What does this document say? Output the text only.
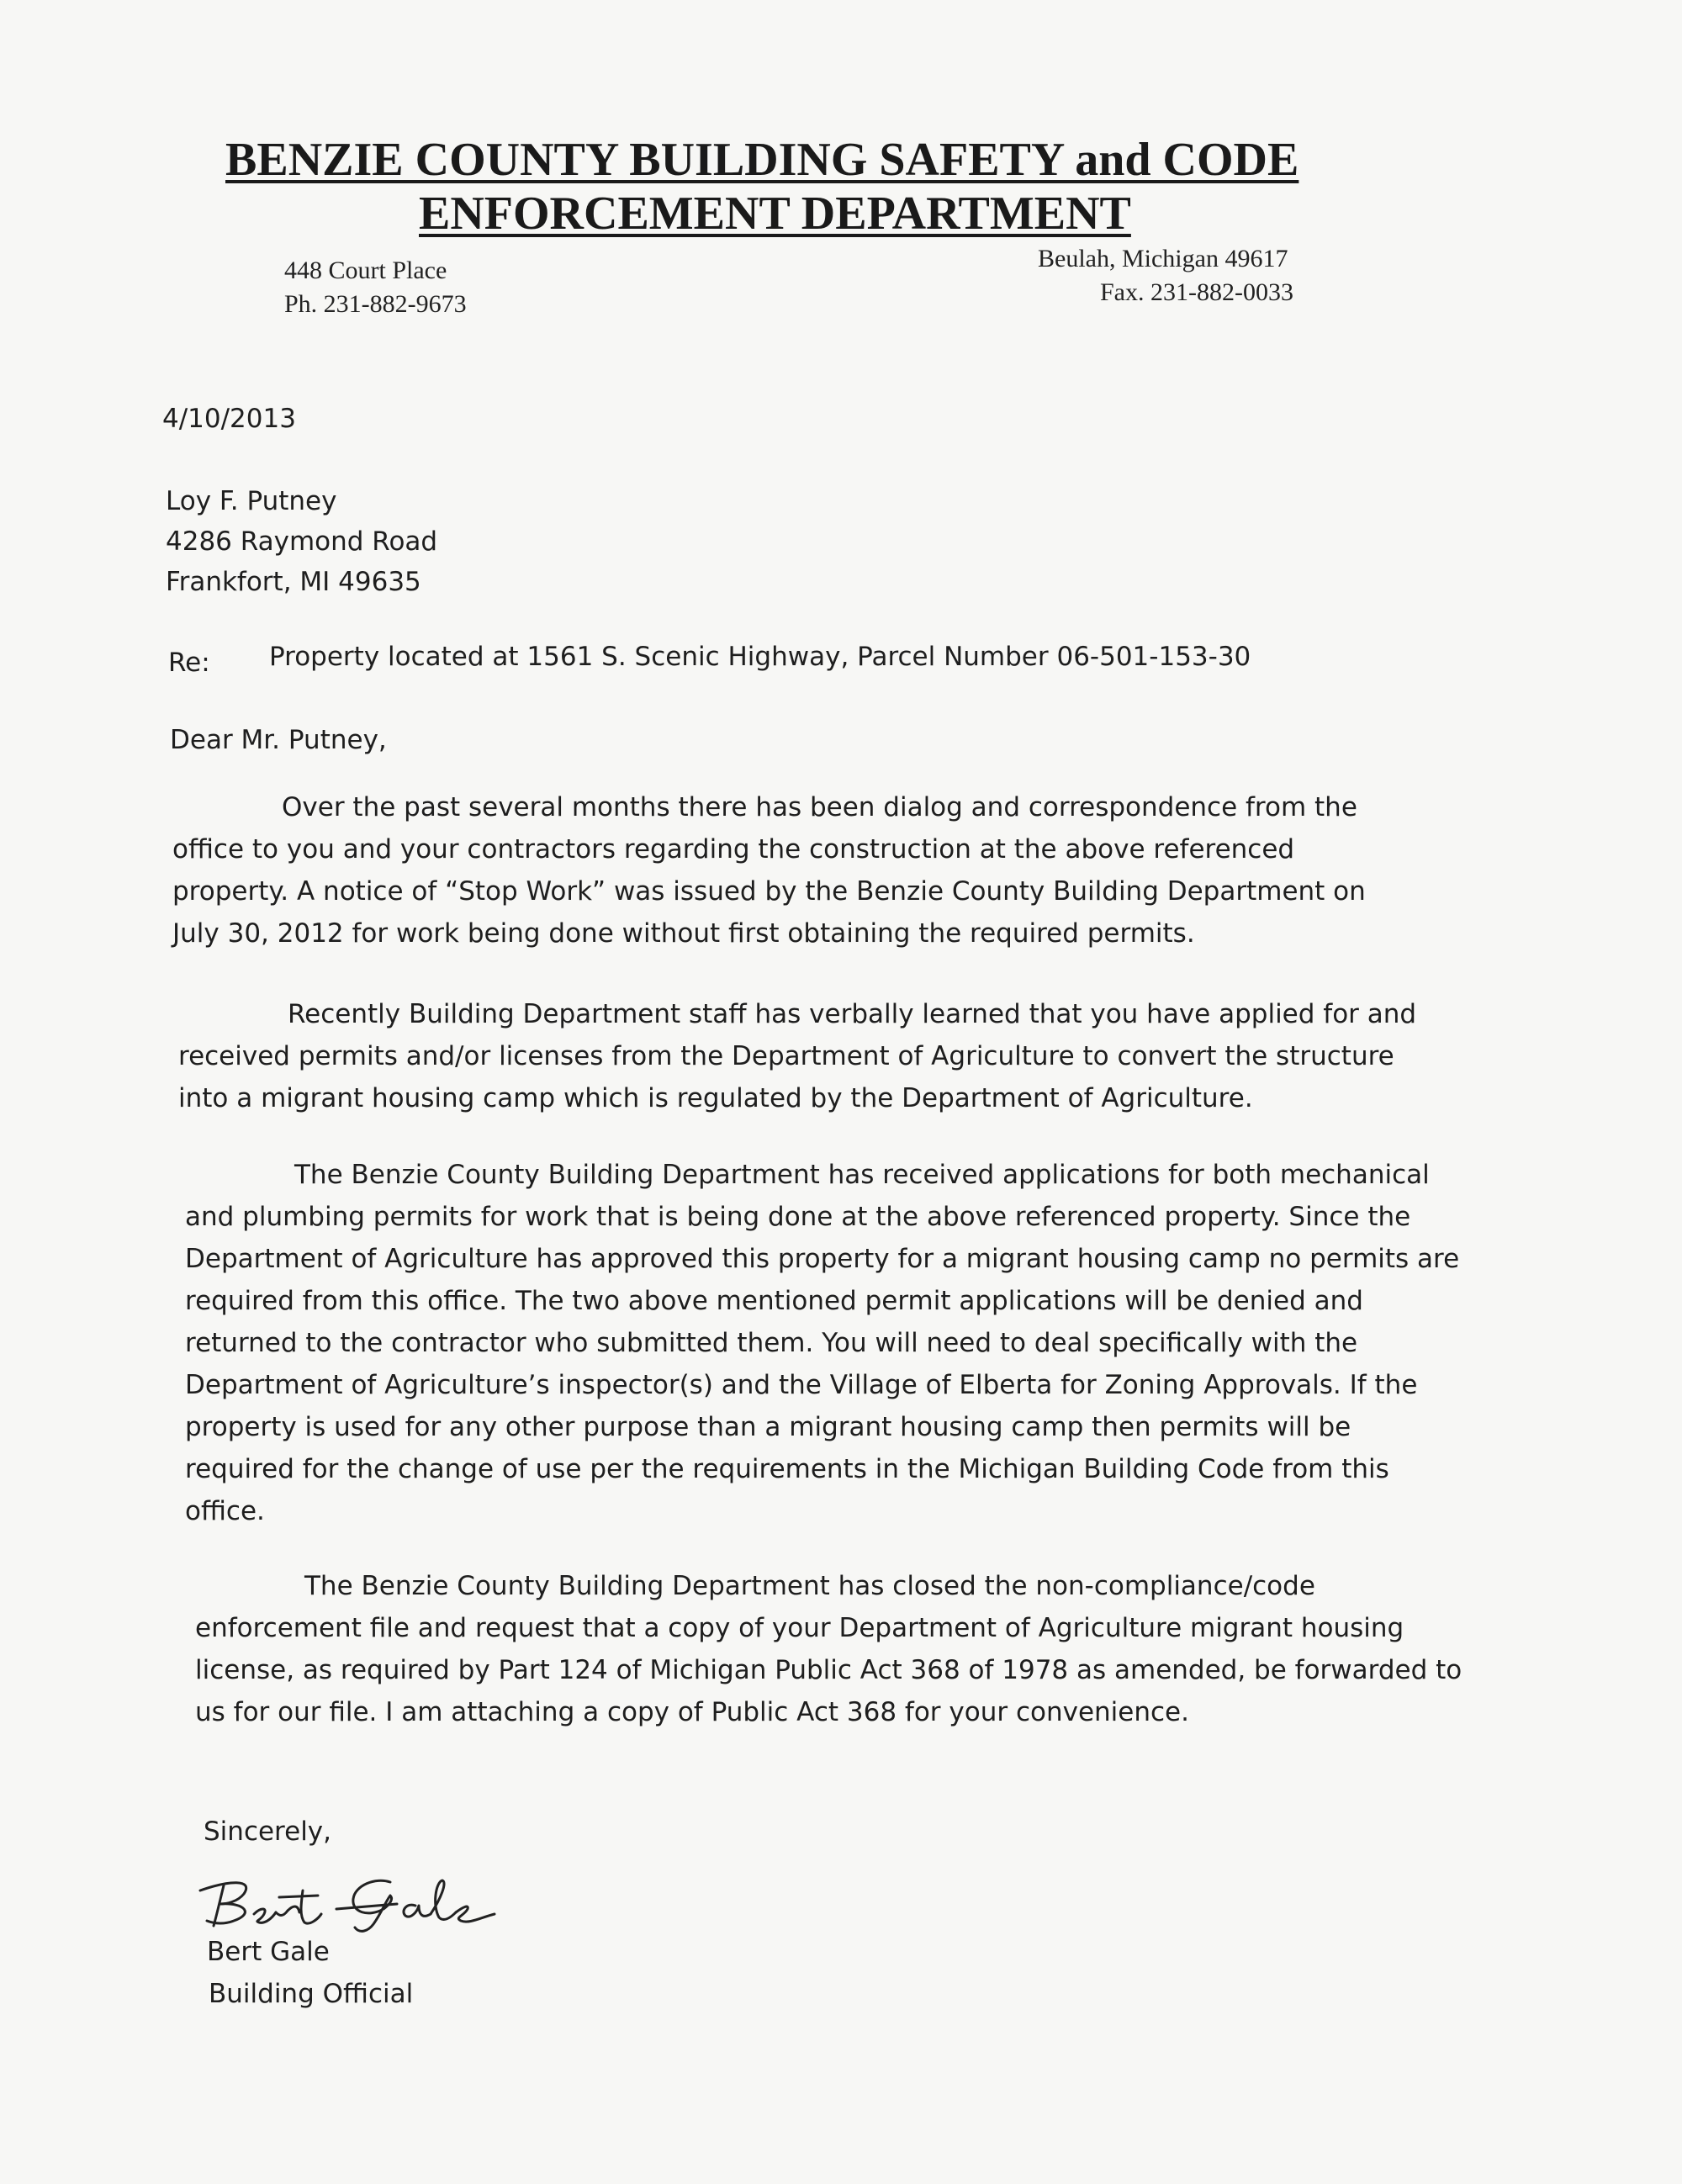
BENZIE COUNTY BUILDING SAFETY and CODE
ENFORCEMENT DEPARTMENT
448 Court Place
Ph. 231-882-9673
Beulah, Michigan 49617
Fax. 231-882-0033
4/10/2013
Loy F. Putney
4286 Raymond Road
Frankfort, MI 49635
Re: Property located at 1561 S. Scenic Highway, Parcel Number 06-501-153-30
Dear Mr. Putney,

Over the past several months there has been dialog and correspondence from the office to you and your contractors regarding the construction at the above referenced property. A notice of “Stop Work” was issued by the Benzie County Building Department on July 30, 2012 for work being done without first obtaining the required permits.

Recently Building Department staff has verbally learned that you have applied for and received permits and/or licenses from the Department of Agriculture to convert the structure into a migrant housing camp which is regulated by the Department of Agriculture.

The Benzie County Building Department has received applications for both mechanical and plumbing permits for work that is being done at the above referenced property. Since the Department of Agriculture has approved this property for a migrant housing camp no permits are required from this office. The two above mentioned permit applications will be denied and returned to the contractor who submitted them. You will need to deal specifically with the Department of Agriculture’s inspector(s) and the Village of Elberta for Zoning Approvals. If the property is used for any other purpose than a migrant housing camp then permits will be required for the change of use per the requirements in the Michigan Building Code from this office.

The Benzie County Building Department has closed the non-compliance/code enforcement file and request that a copy of your Department of Agriculture migrant housing license, as required by Part 124 of Michigan Public Act 368 of 1978 as amended, be forwarded to us for our file. I am attaching a copy of Public Act 368 for your convenience.

Sincerely,
Bert Gale
Building Official
